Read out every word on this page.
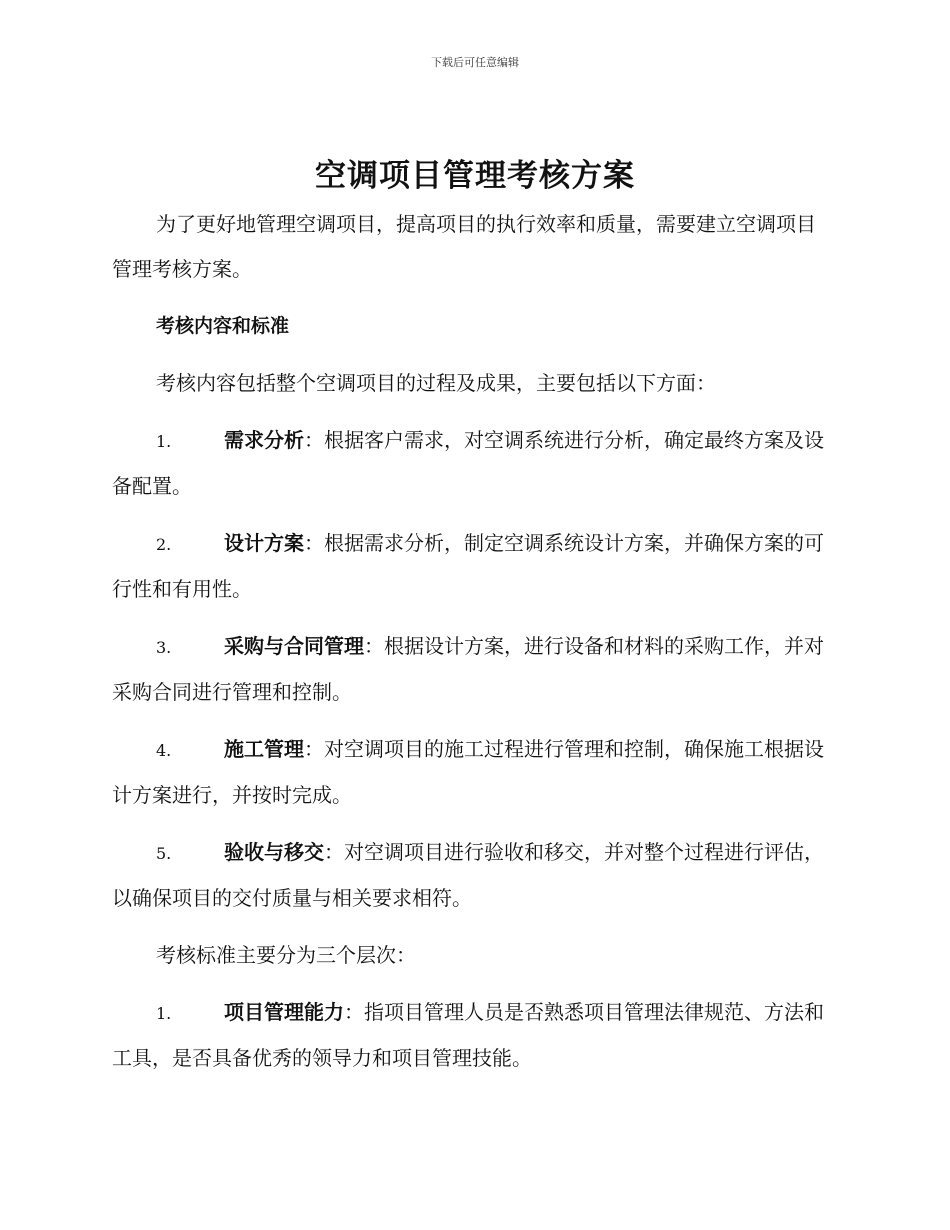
下载后可任意编辑
空调项目管理考核方案

为了更好地管理空调项目，提高项目的执行效率和质量，需要建立空调项目管理考核方案。

考核内容和标准

考核内容包括整个空调项目的过程及成果，主要包括以下方面：

1.	需求分析：根据客户需求，对空调系统进行分析，确定最终方案及设备配置。

2.	设计方案：根据需求分析，制定空调系统设计方案，并确保方案的可行性和有用性。

3.	采购与合同管理：根据设计方案，进行设备和材料的采购工作，并对采购合同进行管理和控制。

4.	施工管理：对空调项目的施工过程进行管理和控制，确保施工根据设计方案进行，并按时完成。

5.	验收与移交：对空调项目进行验收和移交，并对整个过程进行评估，以确保项目的交付质量与相关要求相符。

考核标准主要分为三个层次：

1.	项目管理能力：指项目管理人员是否熟悉项目管理法律规范、方法和工具，是否具备优秀的领导力和项目管理技能。
